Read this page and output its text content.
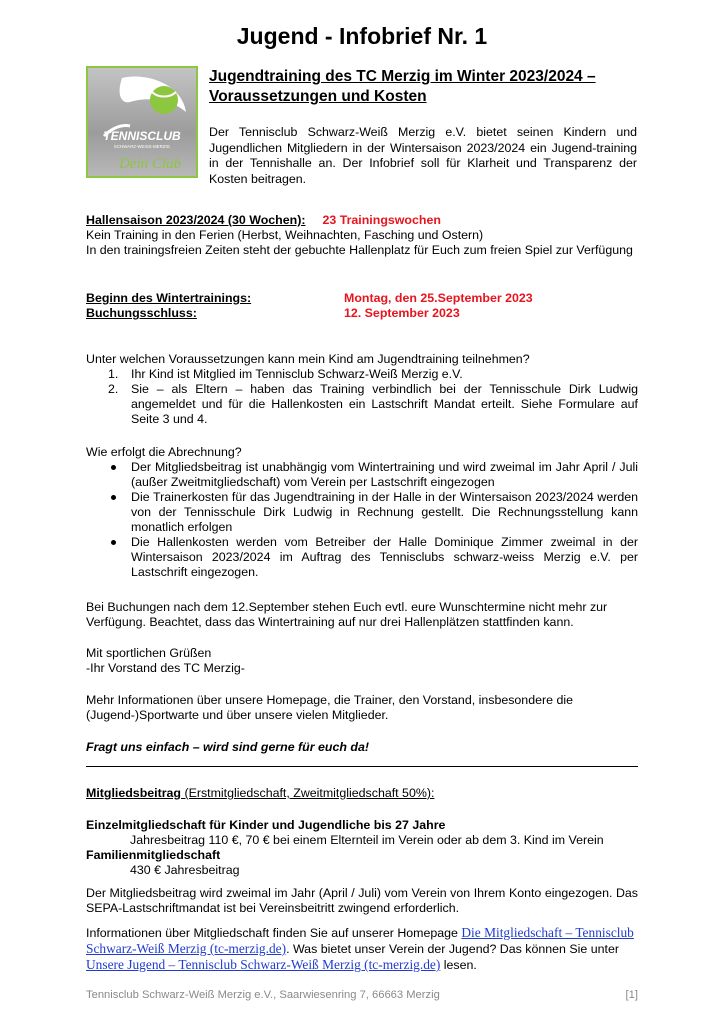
Jugend - Infobrief Nr. 1
TENNISCLUB
SCHWARZ-WEISS-MERZIG
Dein Club
Jugendtraining des TC Merzig im Winter 2023/2024 – Voraussetzungen und Kosten
Der Tennisclub Schwarz-Weiß Merzig e.V. bietet seinen Kindern und Jugendlichen Mitgliedern in der Wintersaison 2023/2024 ein Jugend-training in der Tennishalle an. Der Infobrief soll für Klarheit und Transparenz der Kosten beitragen.
Hallensaison 2023/2024 (30 Wochen): 23 Trainingswochen
Kein Training in den Ferien (Herbst, Weihnachten, Fasching und Ostern)
In den trainingsfreien Zeiten steht der gebuchte Hallenplatz für Euch zum freien Spiel zur Verfügung
Beginn des Wintertrainings:	Montag, den 25.September 2023
Buchungsschluss:	12. September 2023
Unter welchen Voraussetzungen kann mein Kind am Jugendtraining teilnehmen?
1. Ihr Kind ist Mitglied im Tennisclub Schwarz-Weiß Merzig e.V.
2. Sie – als Eltern – haben das Training verbindlich bei der Tennisschule Dirk Ludwig angemeldet und für die Hallenkosten ein Lastschrift Mandat erteilt. Siehe Formulare auf Seite 3 und 4.
Wie erfolgt die Abrechnung?
Der Mitgliedsbeitrag ist unabhängig vom Wintertraining und wird zweimal im Jahr April / Juli (außer Zweitmitgliedschaft) vom Verein per Lastschrift eingezogen
Die Trainerkosten für das Jugendtraining in der Halle in der Wintersaison 2023/2024 werden von der Tennisschule Dirk Ludwig in Rechnung gestellt. Die Rechnungsstellung kann monatlich erfolgen
Die Hallenkosten werden vom Betreiber der Halle Dominique Zimmer zweimal in der Wintersaison 2023/2024 im Auftrag des Tennisclubs schwarz-weiss Merzig e.V. per Lastschrift eingezogen.
Bei Buchungen nach dem 12.September stehen Euch evtl. eure Wunschtermine nicht mehr zur Verfügung. Beachtet, dass das Wintertraining auf nur drei Hallenplätzen stattfinden kann.
Mit sportlichen Grüßen
-Ihr Vorstand des TC Merzig-
Mehr Informationen über unsere Homepage, die Trainer, den Vorstand, insbesondere die (Jugend-)Sportwarte und über unsere vielen Mitglieder.
Fragt uns einfach – wird sind gerne für euch da!
Mitgliedsbeitrag (Erstmitgliedschaft, Zweitmitgliedschaft 50%):
Einzelmitgliedschaft für Kinder und Jugendliche bis 27 Jahre
Jahresbeitrag 110 €, 70 € bei einem Elternteil im Verein oder ab dem 3. Kind im Verein
Familienmitgliedschaft
430 € Jahresbeitrag
Der Mitgliedsbeitrag wird zweimal im Jahr (April / Juli) vom Verein von Ihrem Konto eingezogen. Das SEPA-Lastschriftmandat ist bei Vereinsbeitritt zwingend erforderlich.
Informationen über Mitgliedschaft finden Sie auf unserer Homepage Die Mitgliedschaft – Tennisclub Schwarz-Weiß Merzig (tc-merzig.de). Was bietet unser Verein der Jugend? Das können Sie unter Unsere Jugend – Tennisclub Schwarz-Weiß Merzig (tc-merzig.de) lesen.
Tennisclub Schwarz-Weiß Merzig e.V., Saarwiesenring 7, 66663 Merzig	[1]
